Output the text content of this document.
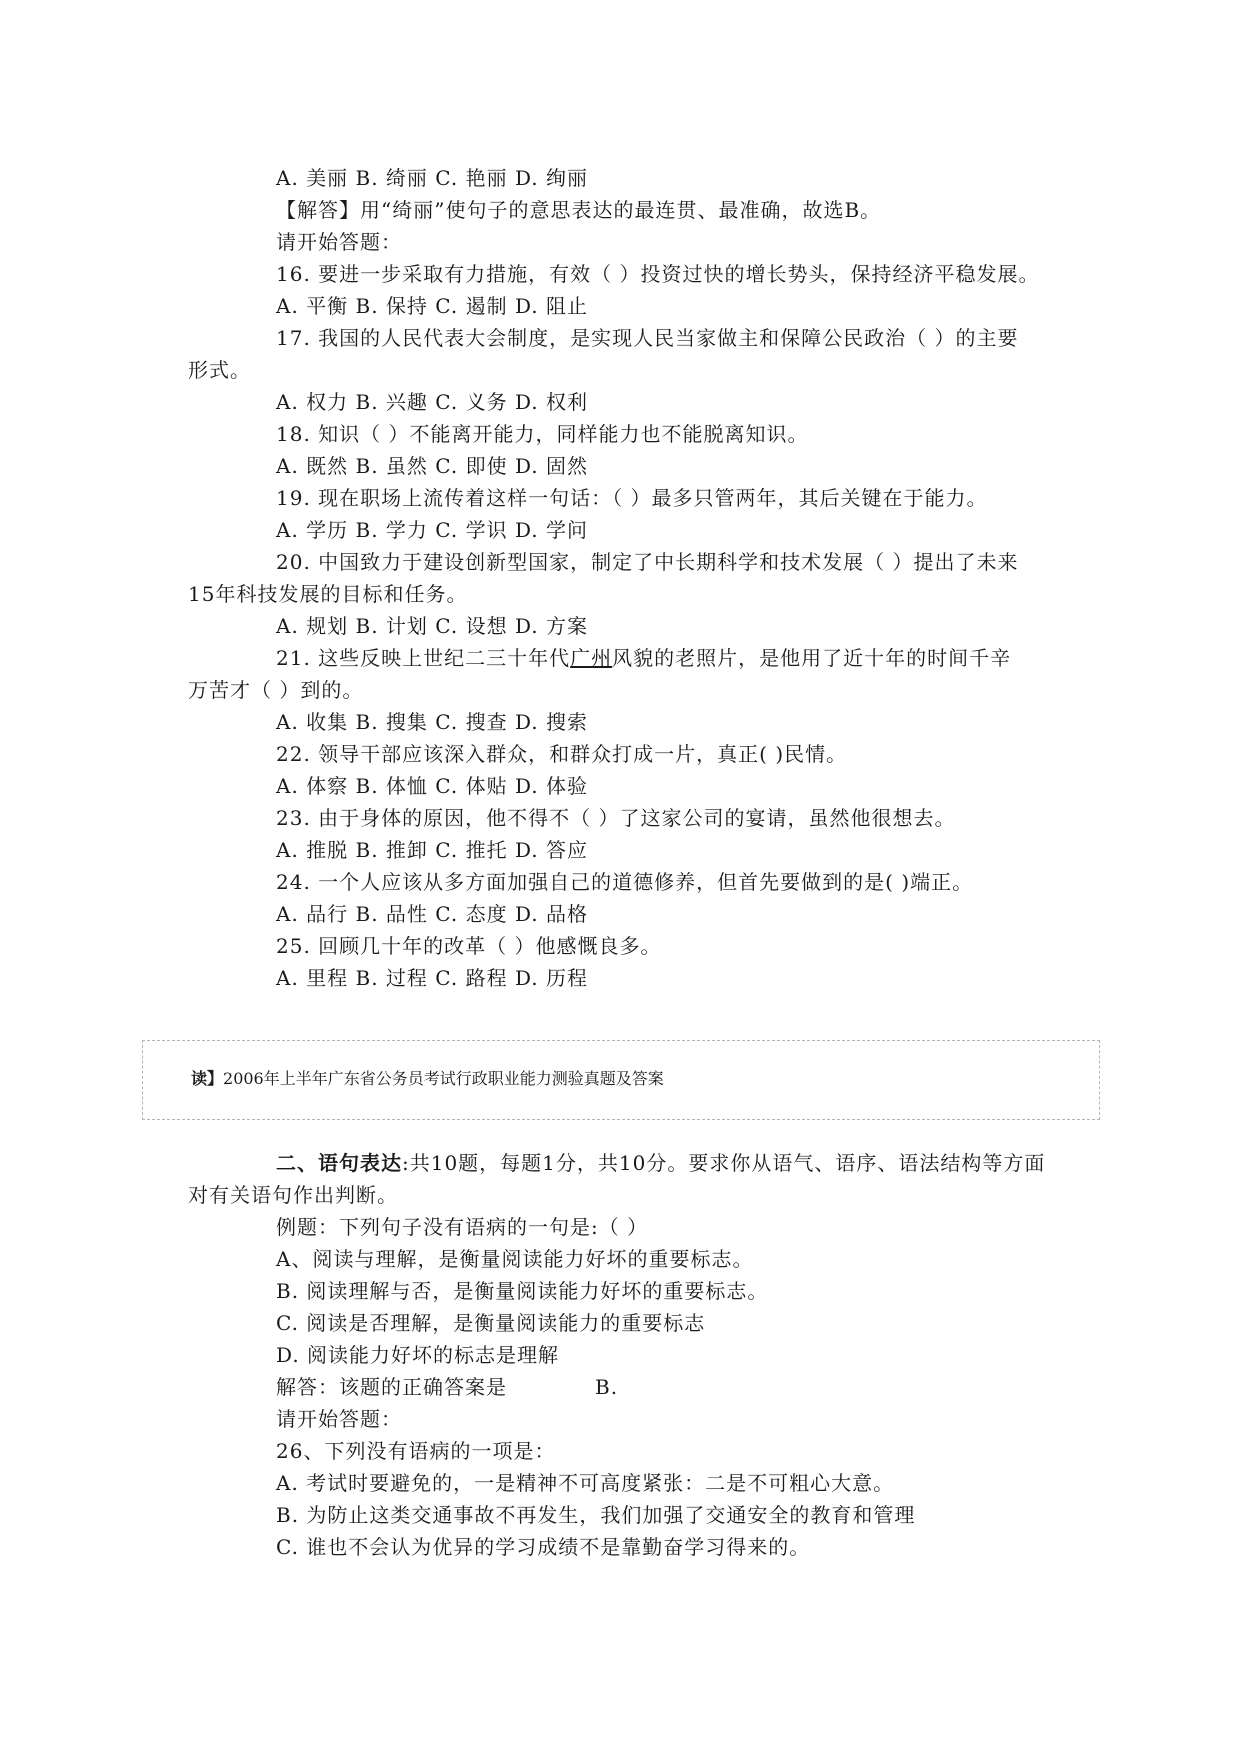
A. 美丽 B. 绮丽 C. 艳丽 D. 绚丽
【解答】用“绮丽”使句子的意思表达的最连贯、最准确，故选B。
请开始答题：
16. 要进一步采取有力措施，有效（ ）投资过快的增长势头，保持经济平稳发展。
A. 平衡 B. 保持 C. 遏制 D. 阻止
17. 我国的人民代表大会制度，是实现人民当家做主和保障公民政治（ ）的主要
形式。
A. 权力 B. 兴趣 C. 义务 D. 权利
18. 知识（ ）不能离开能力，同样能力也不能脱离知识。
A. 既然 B. 虽然 C. 即使 D. 固然
19. 现在职场上流传着这样一句话：（ ）最多只管两年，其后关键在于能力。
A. 学历 B. 学力 C. 学识 D. 学问
20. 中国致力于建设创新型国家，制定了中长期科学和技术发展（ ）提出了未来
15年科技发展的目标和任务。
A. 规划 B. 计划 C. 设想 D. 方案
21. 这些反映上世纪二三十年代广州风貌的老照片，是他用了近十年的时间千辛
万苦才（ ）到的。
A. 收集 B. 搜集 C. 搜查 D. 搜索
22. 领导干部应该深入群众，和群众打成一片，真正( )民情。
A. 体察 B. 体恤 C. 体贴 D. 体验
23. 由于身体的原因，他不得不（ ）了这家公司的宴请，虽然他很想去。
A. 推脱 B. 推卸 C. 推托 D. 答应
24. 一个人应该从多方面加强自己的道德修养，但首先要做到的是( )端正。
A. 品行 B. 品性 C. 态度 D. 品格
25. 回顾几十年的改革（ ）他感慨良多。
A. 里程 B. 过程 C. 路程 D. 历程
读】2006年上半年广东省公务员考试行政职业能力测验真题及答案
二、语句表达:共10题，每题1分，共10分。要求你从语气、语序、语法结构等方面
对有关语句作出判断。
例题：下列句子没有语病的一句是:（ ）
A、阅读与理解，是衡量阅读能力好坏的重要标志。
B. 阅读理解与否，是衡量阅读能力好坏的重要标志。
C. 阅读是否理解，是衡量阅读能力的重要标志
D. 阅读能力好坏的标志是理解
解答：该题的正确答案是	B.
请开始答题：
26、下列没有语病的一项是：
A. 考试时要避免的，一是精神不可高度紧张：二是不可粗心大意。
B. 为防止这类交通事故不再发生，我们加强了交通安全的教育和管理
C. 谁也不会认为优异的学习成绩不是靠勤奋学习得来的。
